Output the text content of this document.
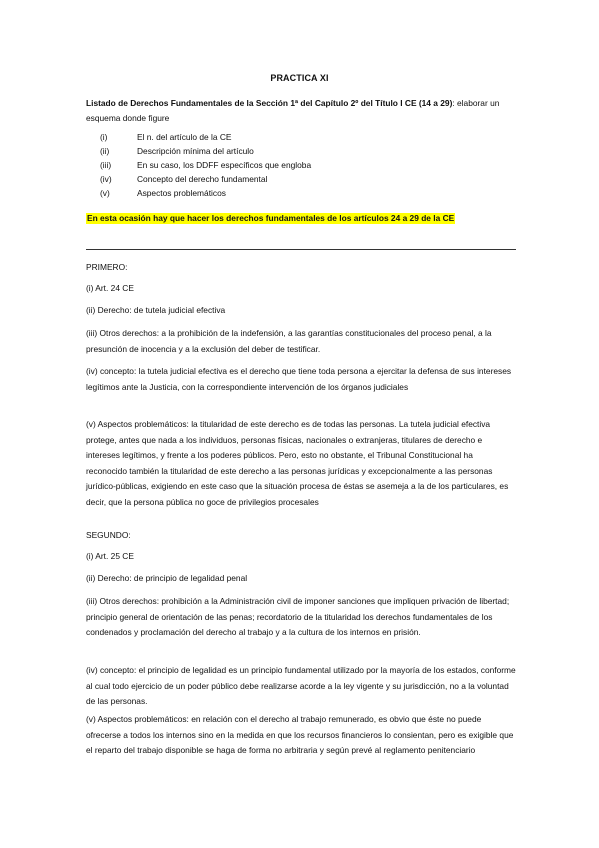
PRACTICA XI
Listado de Derechos Fundamentales de la Sección 1ª del Capítulo 2º del Título I CE (14 a 29): elaborar un esquema donde figure
(i)	El n. del artículo de la CE
(ii)	Descripción mínima del artículo
(iii)	En su caso, los DDFF específicos que engloba
(iv)	Concepto del derecho fundamental
(v)	Aspectos problemáticos
En esta ocasión hay que hacer los derechos fundamentales de los artículos 24 a 29 de la CE

PRIMERO:

(i) Art. 24 CE

(ii) Derecho: de tutela judicial efectiva

(iii) Otros derechos: a la prohibición de la indefensión, a las garantías constitucionales del proceso penal, a la presunción de inocencia y a la exclusión del deber de testificar.

(iv) concepto: la tutela judicial efectiva es el derecho que tiene toda persona a ejercitar la defensa de sus intereses legítimos ante la Justicia, con la correspondiente intervención de los órganos judiciales

(v) Aspectos problemáticos: la titularidad de este derecho es de todas las personas. La tutela judicial efectiva protege, antes que nada a los individuos, personas físicas, nacionales o extranjeras, titulares de derecho e intereses legítimos, y frente a los poderes públicos. Pero, esto no obstante, el Tribunal Constitucional ha reconocido también la titularidad de este derecho a las personas jurídicas y excepcionalmente a las personas jurídico-públicas, exigiendo en este caso que la situación procesa de éstas se asemeja a la de los particulares, es decir, que la persona pública no goce de privilegios procesales

SEGUNDO:

(i) Art. 25 CE

(ii) Derecho: de principio de legalidad penal

(iii) Otros derechos: prohibición a la Administración civil de imponer sanciones que impliquen privación de libertad; principio general de orientación de las penas; recordatorio de la titularidad los derechos fundamentales de los condenados y proclamación del derecho al trabajo y a la cultura de los internos en prisión.

(iv) concepto: el principio de legalidad es un principio fundamental utilizado por la mayoría de los estados, conforme al cual todo ejercicio de un poder público debe realizarse acorde a la ley vigente y su jurisdicción, no a la voluntad de las personas.

(v) Aspectos problemáticos: en relación con el derecho al trabajo remunerado, es obvio que éste no puede ofrecerse a todos los internos sino en la medida en que los recursos financieros lo consientan, pero es exigible que el reparto del trabajo disponible se haga de forma no arbitraria y según prevé al reglamento penitenciario
